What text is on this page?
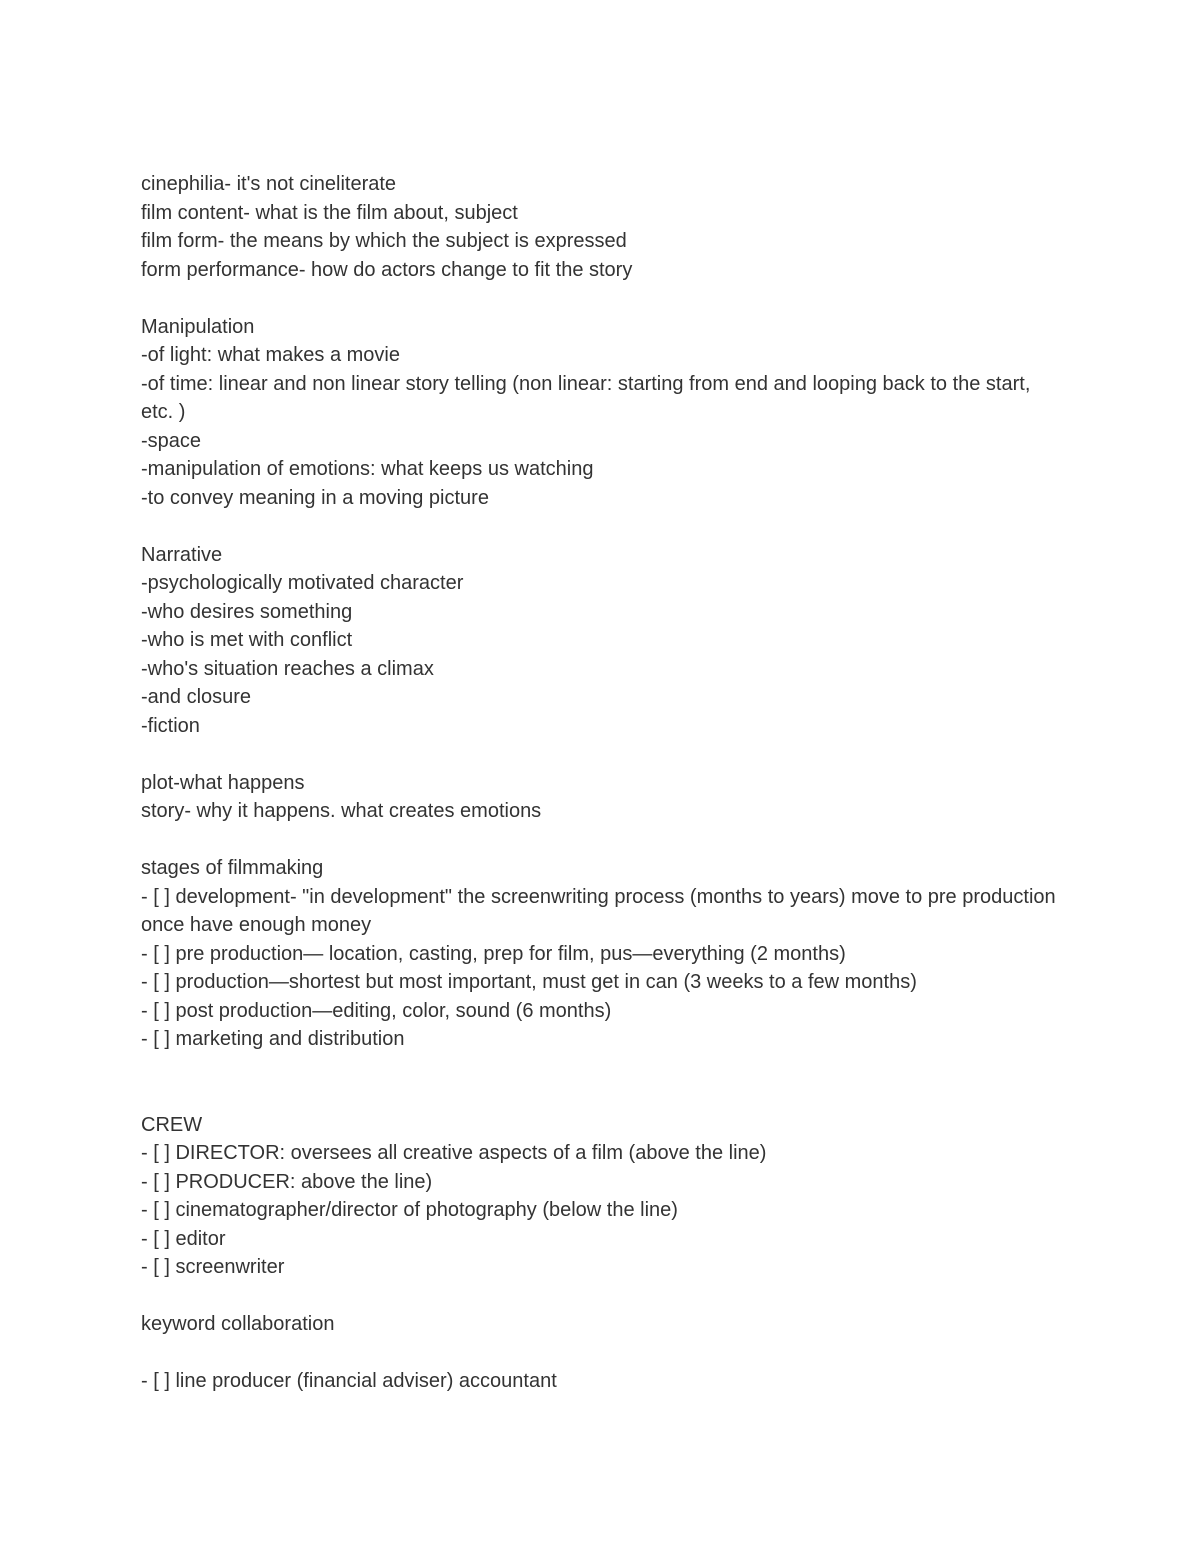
cinephilia- it's not cineliterate

film content- what is the film about, subject

film form- the means by which the subject is expressed

form performance- how do actors change to fit the story

Manipulation

-of light: what makes a movie

-of time: linear and non linear story telling (non linear: starting from end and looping back to the start, etc. )

-space

-manipulation of emotions: what keeps us watching

-to convey meaning in a moving picture

Narrative

-psychologically motivated character

-who desires something

-who is met with conflict

-who's situation reaches a climax

-and closure

-fiction

plot-what happens

story- why it happens. what creates emotions

stages of filmmaking

- [ ] development- "in development" the screenwriting process (months to years) move to pre production once have enough money

- [ ] pre production— location, casting, prep for film, pus—everything (2 months)

- [ ] production—shortest but most important, must get in can (3 weeks to a few months)

- [ ] post production—editing, color, sound (6 months)

- [ ] marketing and distribution

CREW

- [ ] DIRECTOR: oversees all creative aspects of a film (above the line)

- [ ] PRODUCER: above the line)

- [ ] cinematographer/director of photography (below the line)

- [ ] editor

- [ ] screenwriter

keyword collaboration

- [ ] line producer (financial adviser) accountant
